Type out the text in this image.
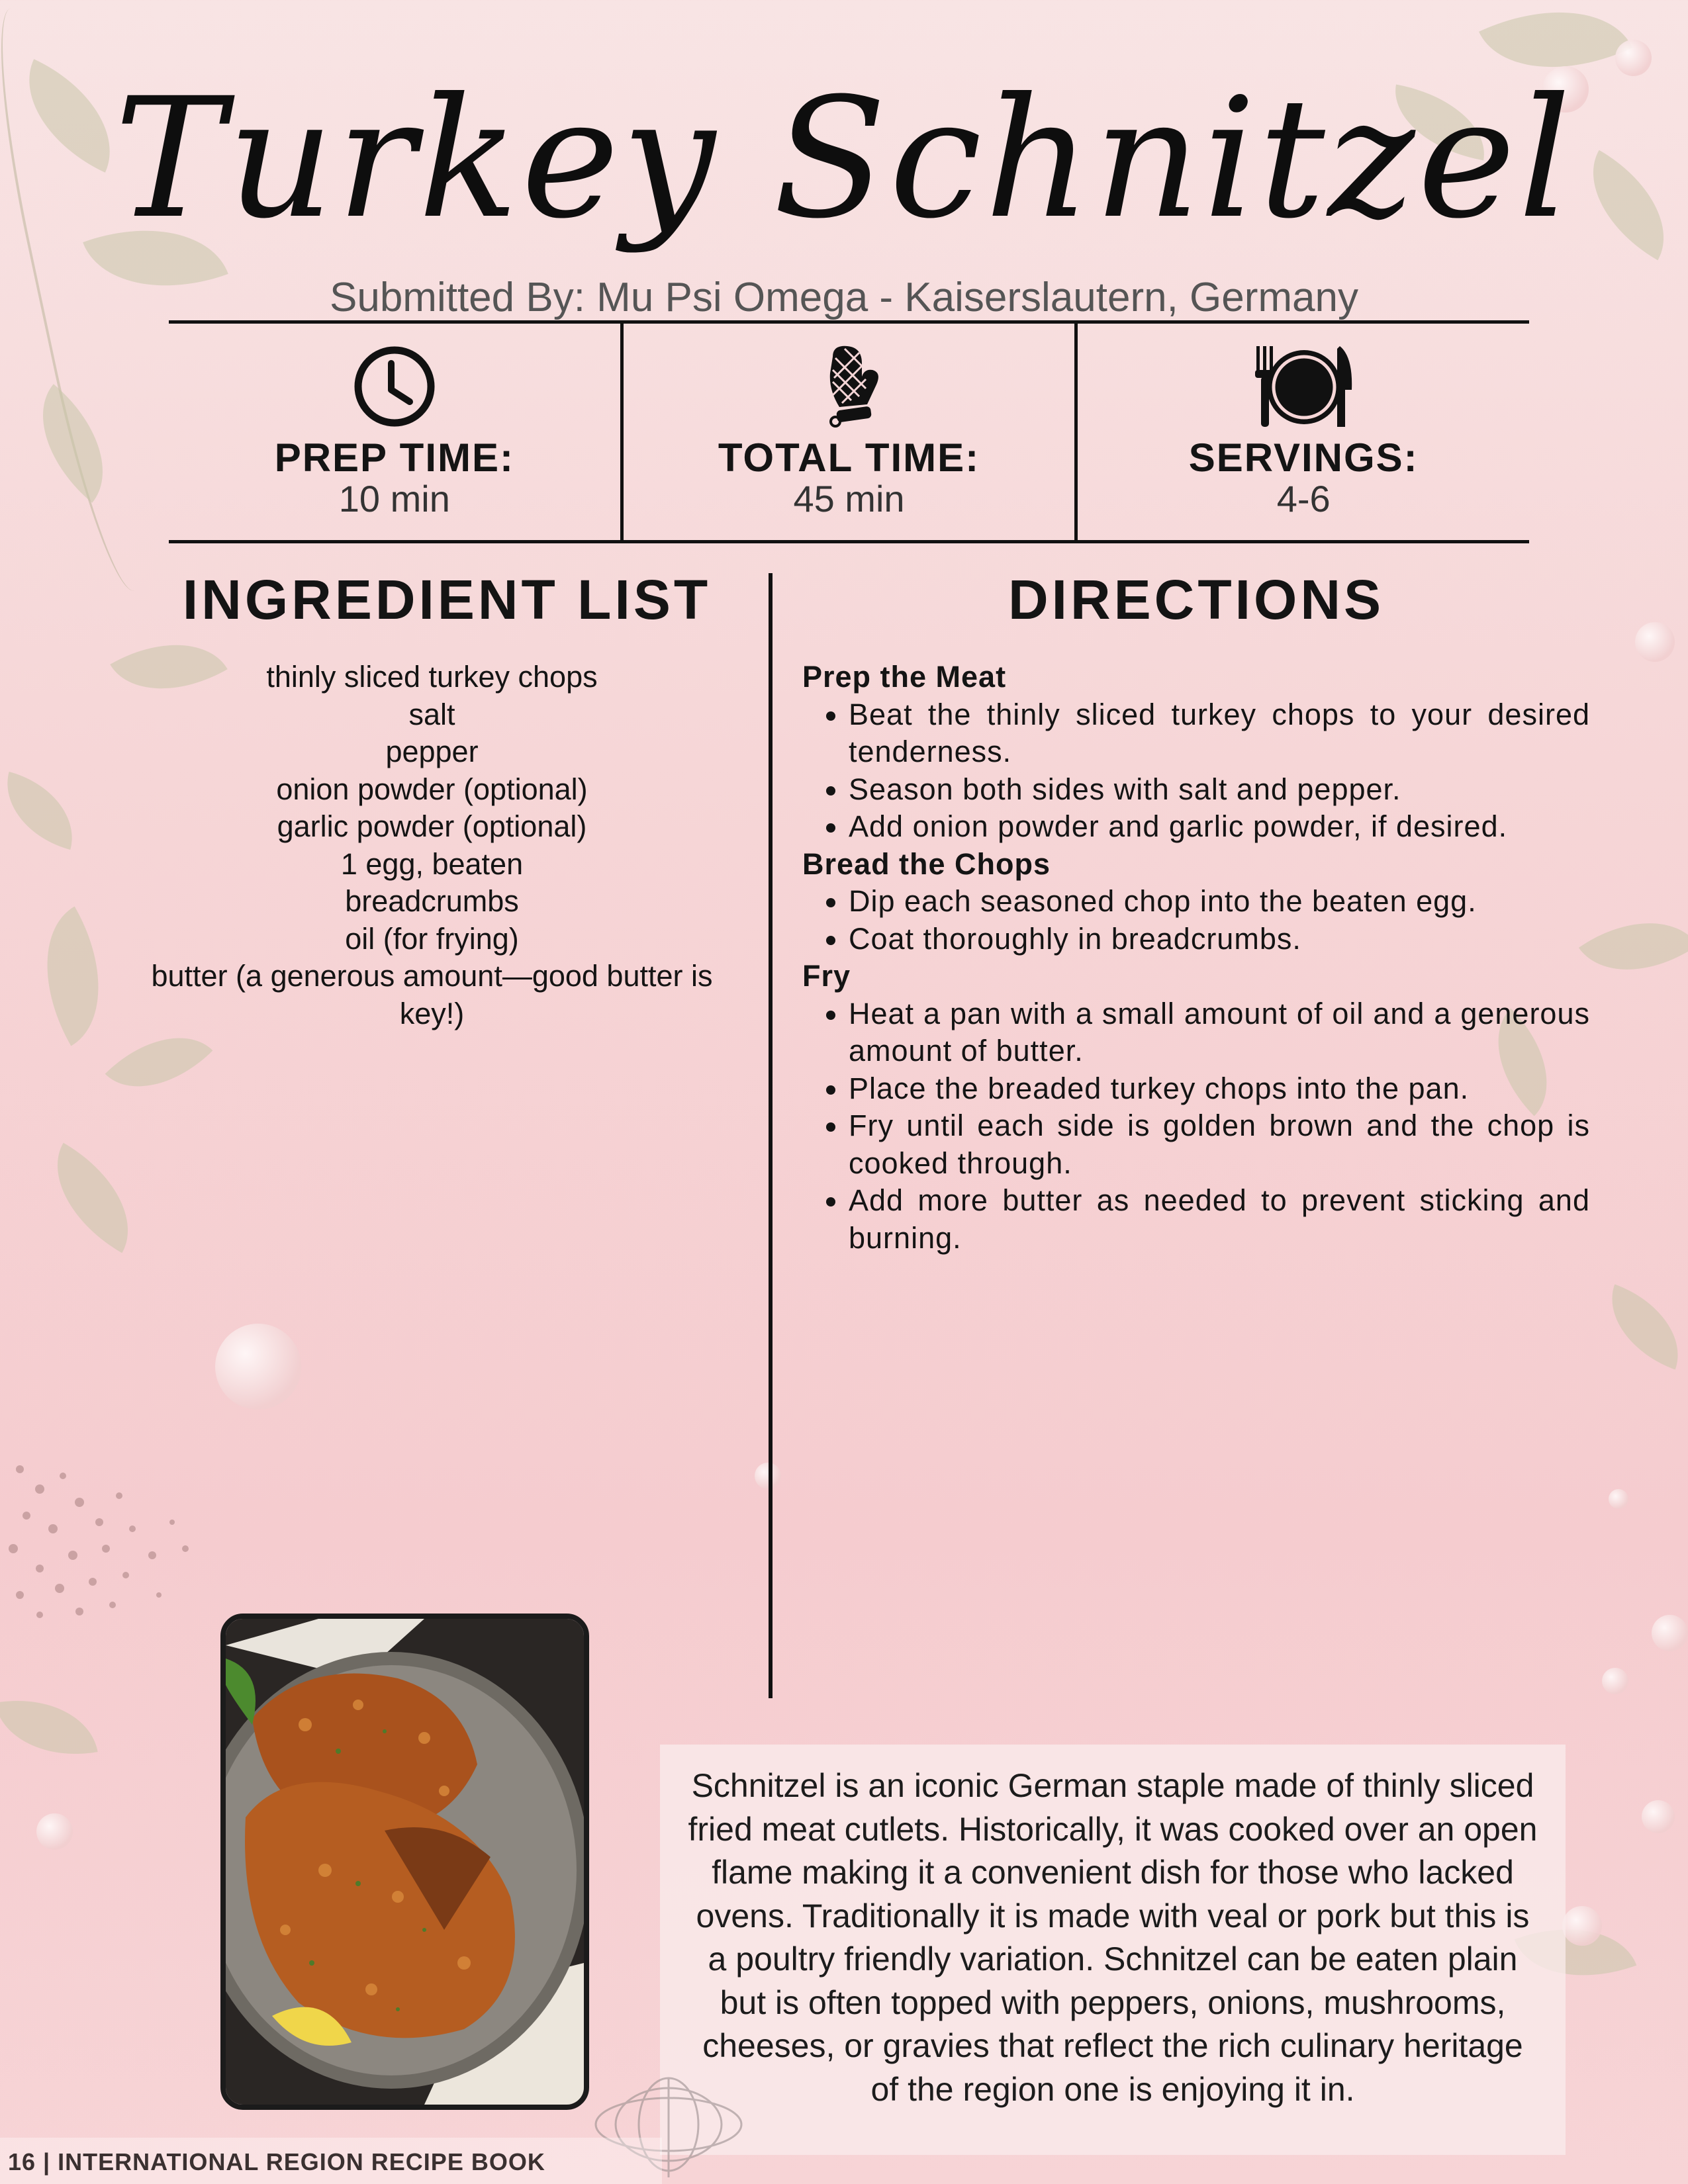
Turkey Schnitzel
Submitted By: Mu Psi Omega - Kaiserslautern, Germany
PREP TIME:
10 min
TOTAL TIME:
45 min
SERVINGS:
4-6
INGREDIENT LIST	DIRECTIONS
thinly sliced turkey chops
salt
pepper
onion powder (optional)
garlic powder (optional)
1 egg, beaten
breadcrumbs
oil (for frying)
butter (a generous amount—good butter is key!)
Prep the Meat
• Beat the thinly sliced turkey chops to your desired tenderness.
• Season both sides with salt and pepper.
• Add onion powder and garlic powder, if desired.
Bread the Chops
• Dip each seasoned chop into the beaten egg.
• Coat thoroughly in breadcrumbs.
Fry
• Heat a pan with a small amount of oil and a generous amount of butter.
• Place the breaded turkey chops into the pan.
• Fry until each side is golden brown and the chop is cooked through.
• Add more butter as needed to prevent sticking and burning.

Schnitzel is an iconic German staple made of thinly sliced fried meat cutlets. Historically, it was cooked over an open flame making it a convenient dish for those who lacked ovens. Traditionally it is made with veal or pork but this is a poultry friendly variation. Schnitzel can be eaten plain but is often topped with peppers, onions, mushrooms, cheeses, or gravies that reflect the rich culinary heritage of the region one is enjoying it in.

16 | INTERNATIONAL REGION RECIPE BOOK
